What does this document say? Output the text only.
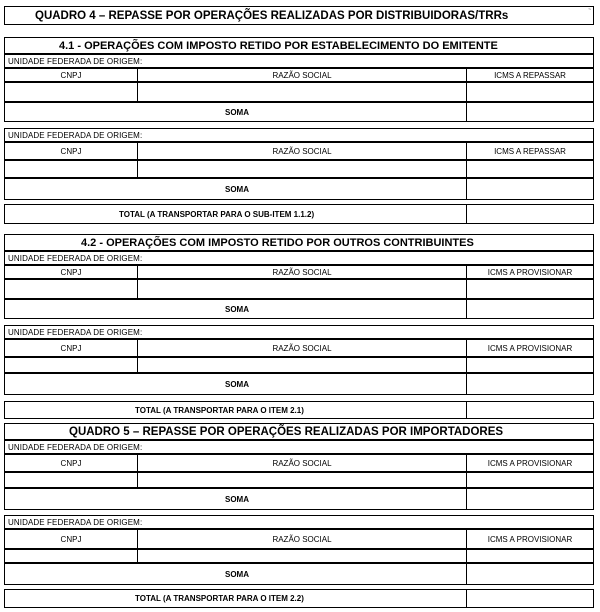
QUADRO 4 – REPASSE POR OPERAÇÕES REALIZADAS POR DISTRIBUIDORAS/TRRs	~
4.1 - OPERAÇÕES COM IMPOSTO RETIDO POR ESTABELECIMENTO DO EMITENTE
UNIDADE FEDERADA DE ORIGEM:
CNPJ	RAZÃO SOCIAL	ICMS A REPASSAR
SOMA
UNIDADE FEDERADA DE ORIGEM:
CNPJ	RAZÃO SOCIAL	ICMS A REPASSAR
SOMA
TOTAL (A TRANSPORTAR PARA O SUB-ITEM 1.1.2)
4.2 - OPERAÇÕES COM IMPOSTO RETIDO POR OUTROS CONTRIBUINTES
UNIDADE FEDERADA DE ORIGEM:
CNPJ	RAZÃO SOCIAL	ICMS A PROVISIONAR
SOMA
UNIDADE FEDERADA DE ORIGEM:
CNPJ	RAZÃO SOCIAL	ICMS A PROVISIONAR
SOMA
TOTAL (A TRANSPORTAR PARA O ITEM 2.1)
QUADRO 5 – REPASSE POR OPERAÇÕES REALIZADAS POR IMPORTADORES
UNIDADE FEDERADA DE ORIGEM:
CNPJ	RAZÃO SOCIAL	ICMS A PROVISIONAR
SOMA
UNIDADE FEDERADA DE ORIGEM:
CNPJ	RAZÃO SOCIAL	ICMS A PROVISIONAR
SOMA
TOTAL (A TRANSPORTAR PARA O ITEM 2.2)
